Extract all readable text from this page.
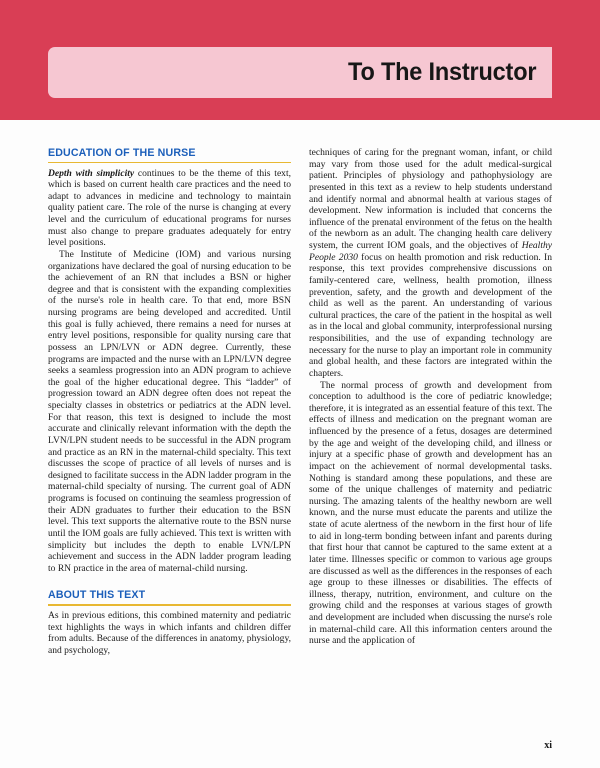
To The Instructor
EDUCATION OF THE NURSE

Depth with simplicity continues to be the theme of this text, which is based on current health care practices and the need to adapt to advances in medicine and technology to maintain quality patient care. The role of the nurse is changing at every level and the curriculum of educational programs for nurses must also change to prepare graduates adequately for entry level positions.

The Institute of Medicine (IOM) and various nursing organizations have declared the goal of nursing education to be the achievement of an RN that includes a BSN or higher degree and that is consistent with the expanding complexities of the nurse's role in health care. To that end, more BSN nursing programs are being developed and accredited. Until this goal is fully achieved, there remains a need for nurses at entry level positions, responsible for quality nursing care that possess an LPN/LVN or ADN degree. Currently, these programs are impacted and the nurse with an LPN/LVN degree seeks a seamless progression into an ADN program to achieve the goal of the higher educational degree. This “ladder” of progression toward an ADN degree often does not repeat the specialty classes in obstetrics or pediatrics at the ADN level. For that reason, this text is designed to include the most accurate and clinically relevant information with the depth the LVN/LPN student needs to be successful in the ADN program and practice as an RN in the maternal-child specialty. This text discusses the scope of practice of all levels of nurses and is designed to facilitate success in the ADN ladder program in the maternal-child specialty of nursing. The current goal of ADN programs is focused on continuing the seamless progression of their ADN graduates to further their education to the BSN level. This text supports the alternative route to the BSN nurse until the IOM goals are fully achieved. This text is written with simplicity but includes the depth to enable LVN/LPN achievement and success in the ADN ladder program leading to RN practice in the area of maternal-child nursing.

ABOUT THIS TEXT

As in previous editions, this combined maternity and pediatric text highlights the ways in which infants and children differ from adults. Because of the differences in anatomy, physiology, and psychology,

techniques of caring for the pregnant woman, infant, or child may vary from those used for the adult medical-surgical patient. Principles of physiology and pathophysiology are presented in this text as a review to help students understand and identify normal and abnormal health at various stages of development. New information is included that concerns the influence of the prenatal environment of the fetus on the health of the newborn as an adult. The changing health care delivery system, the current IOM goals, and the objectives of Healthy People 2030 focus on health promotion and risk reduction. In response, this text provides comprehensive discussions on family-centered care, wellness, health promotion, illness prevention, safety, and the growth and development of the child as well as the parent. An understanding of various cultural practices, the care of the patient in the hospital as well as in the local and global community, interprofessional nursing responsibilities, and the use of expanding technology are necessary for the nurse to play an important role in community and global health, and these factors are integrated within the chapters.

The normal process of growth and development from conception to adulthood is the core of pediatric knowledge; therefore, it is integrated as an essential feature of this text. The effects of illness and medication on the pregnant woman are influenced by the presence of a fetus, dosages are determined by the age and weight of the developing child, and illness or injury at a specific phase of growth and development has an impact on the achievement of normal developmental tasks. Nothing is standard among these populations, and these are some of the unique challenges of maternity and pediatric nursing. The amazing talents of the healthy newborn are well known, and the nurse must educate the parents and utilize the state of acute alertness of the newborn in the first hour of life to aid in long-term bonding between infant and parents during that first hour that cannot be captured to the same extent at a later time. Illnesses specific or common to various age groups are discussed as well as the differences in the responses of each age group to these illnesses or disabilities. The effects of illness, therapy, nutrition, environment, and culture on the growing child and the responses at various stages of growth and development are included when discussing the nurse's role in maternal-child care. All this information centers around the nurse and the application of

xi
